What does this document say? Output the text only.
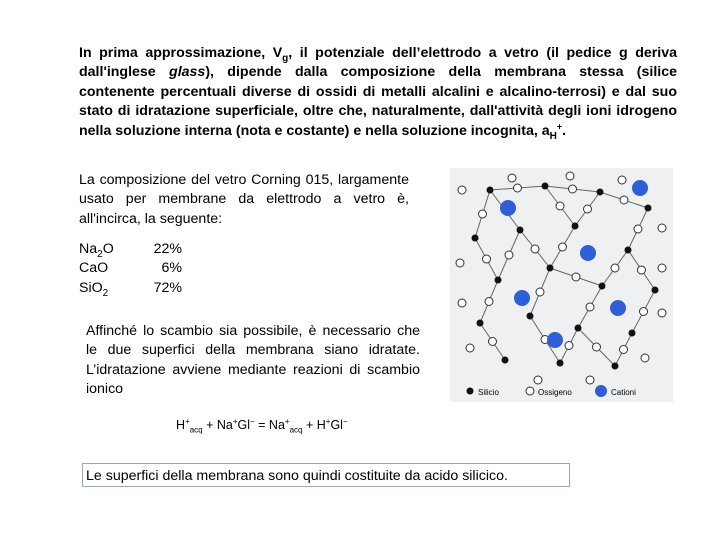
In prima approssimazione, $V_g$, il potenziale dell’elettrodo a vetro (il pedice g deriva dall'inglese glass), dipende dalla composizione della membrana stessa (silice contenente percentuali diverse di ossidi di metalli alcalini e alcalino-terrosi) e dal suo stato di idratazione superficiale, oltre che, naturalmente, dall'attività degli ioni idrogeno nella soluzione interna (nota e costante) e nella soluzione incognita, $a_H^+$.
La composizione del vetro Corning 015, largamente usato per membrane da elettrodo a vetro è, all'incirca, la seguente:
$Na_2O$	22%
CaO	6%
SiO$_2$	72%
Affinché lo scambio sia possibile, è necessario che le due superfici della membrana siano idratate. L’idratazione avviene mediante reazioni di scambio ionico
$H^+_{acq} + Na^+Gl^- = Na^+_{acq} + H^+Gl^-$
Le superfici della membrana sono quindi costituite da acido silicico.
Silicio	Ossigeno	Cationi
